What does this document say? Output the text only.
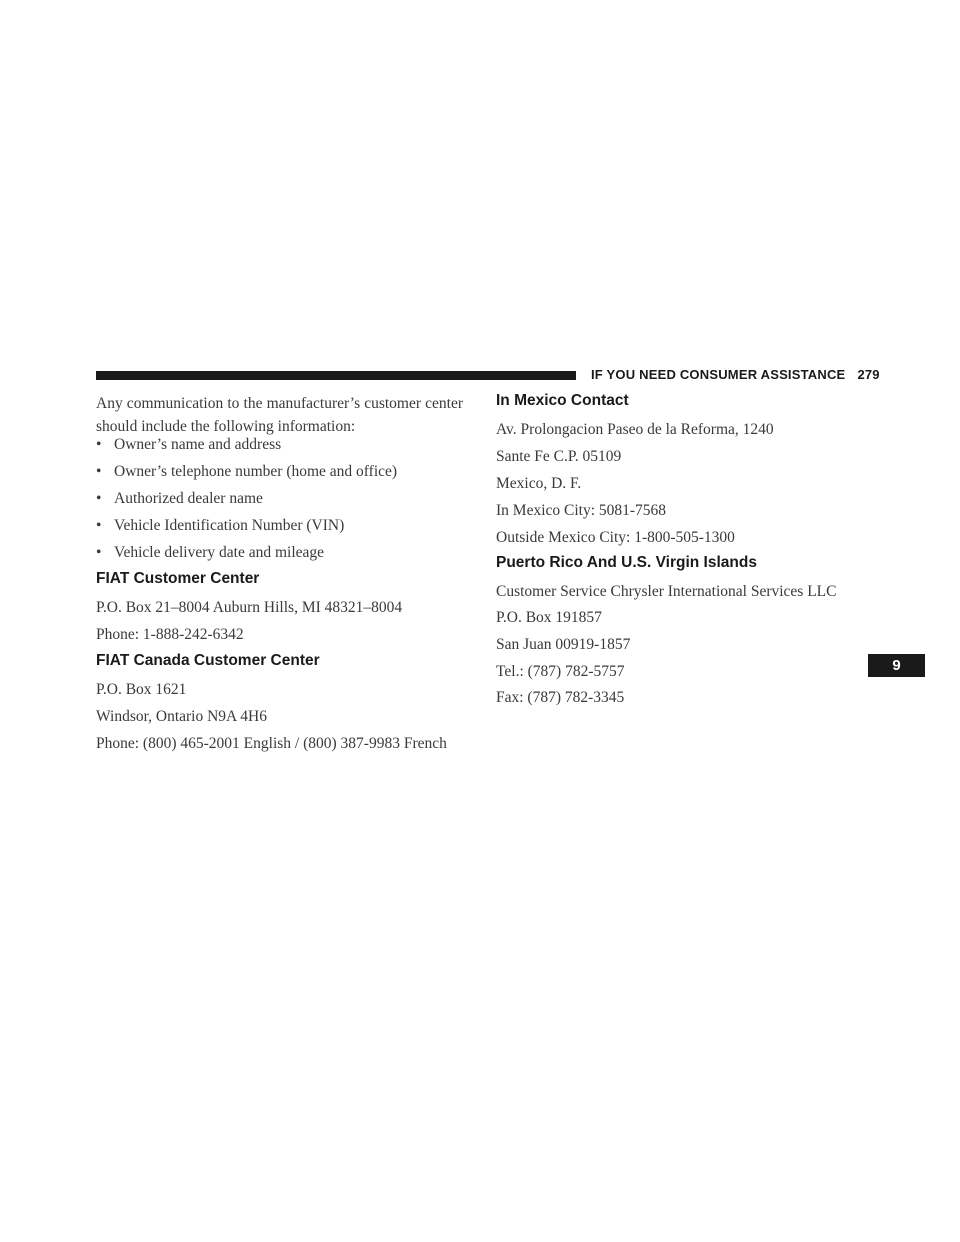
IF YOU NEED CONSUMER ASSISTANCE 279
Any communication to the manufacturer’s customer center should include the following information:
• Owner’s name and address
• Owner’s telephone number (home and office)
• Authorized dealer name
• Vehicle Identification Number (VIN)
• Vehicle delivery date and mileage
FIAT Customer Center
P.O. Box 21–8004 Auburn Hills, MI 48321–8004
Phone: 1-888-242-6342
FIAT Canada Customer Center
P.O. Box 1621
Windsor, Ontario N9A 4H6
Phone: (800) 465-2001 English / (800) 387-9983 French
In Mexico Contact
Av. Prolongacion Paseo de la Reforma, 1240
Sante Fe C.P. 05109
Mexico, D. F.
In Mexico City: 5081-7568
Outside Mexico City: 1-800-505-1300
Puerto Rico And U.S. Virgin Islands
Customer Service Chrysler International Services LLC
P.O. Box 191857
San Juan 00919-1857
Tel.: (787) 782-5757
Fax: (787) 782-3345
9
